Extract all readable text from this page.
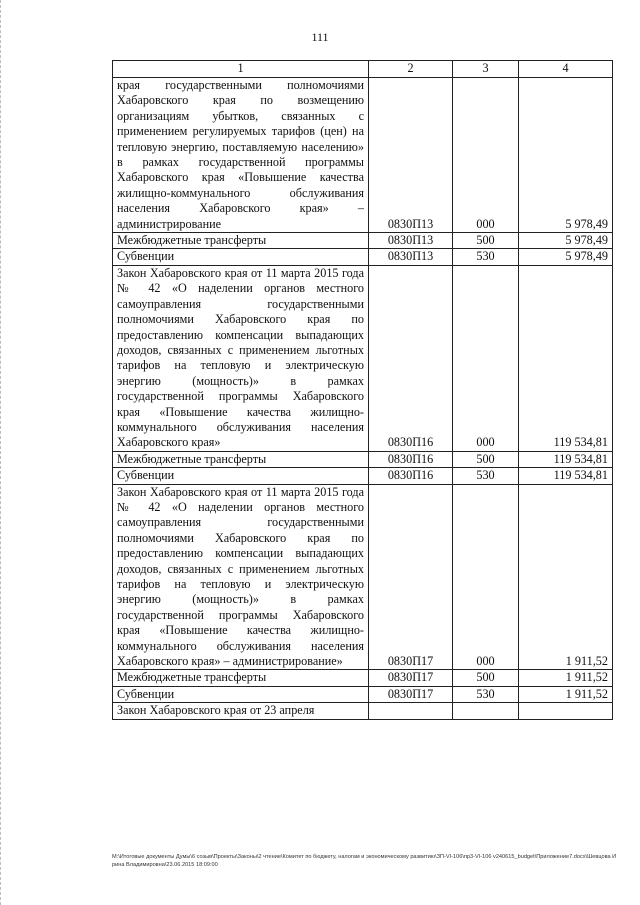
111
1	2	3	4
края государственными полномочиями Хабаровского края по возмещению организациям убытков, связанных с применением регулируемых тарифов (цен) на тепловую энергию, поставляемую населению» в рамках государственной программы Хабаровского края «Повышение качества жилищно-коммунального обслуживания населения Хабаровского края» – администрирование	0830П13	000	5 978,49
Межбюджетные трансферты	0830П13	500	5 978,49
Субвенции	0830П13	530	5 978,49
Закон Хабаровского края от 11 марта 2015 года № 42 «О наделении органов местного самоуправления государственными полномочиями Хабаровского края по предоставлению компенсации выпадающих доходов, связанных с применением льготных тарифов на тепловую и электрическую энергию (мощность)» в рамках государственной программы Хабаровского края «Повышение качества жилищно-коммунального обслуживания населения Хабаровского края»	0830П16	000	119 534,81
Межбюджетные трансферты	0830П16	500	119 534,81
Субвенции	0830П16	530	119 534,81
Закон Хабаровского края от 11 марта 2015 года № 42 «О наделении органов местного самоуправления государственными полномочиями Хабаровского края по предоставлению компенсации выпадающих доходов, связанных с применением льготных тарифов на тепловую и электрическую энергию (мощность)» в рамках государственной программы Хабаровского края «Повышение качества жилищно-коммунального обслуживания населения Хабаровского края» – администрирование»	0830П17	000	1 911,52
Межбюджетные трансферты	0830П17	500	1 911,52
Субвенции	0830П17	530	1 911,52
Закон Хабаровского края от 23 апреля			
М:\Итоговые документы Думы\6 созыв\Проекты\Законы\2 чтение\Комитет по бюджету, налогам и экономическому развитию\ЗП-VI-106\пр3-VI-106 v240615_budget\Приложение7.docx\Шевцова Ирина Владимировна\23.06.2015 18:09:00
